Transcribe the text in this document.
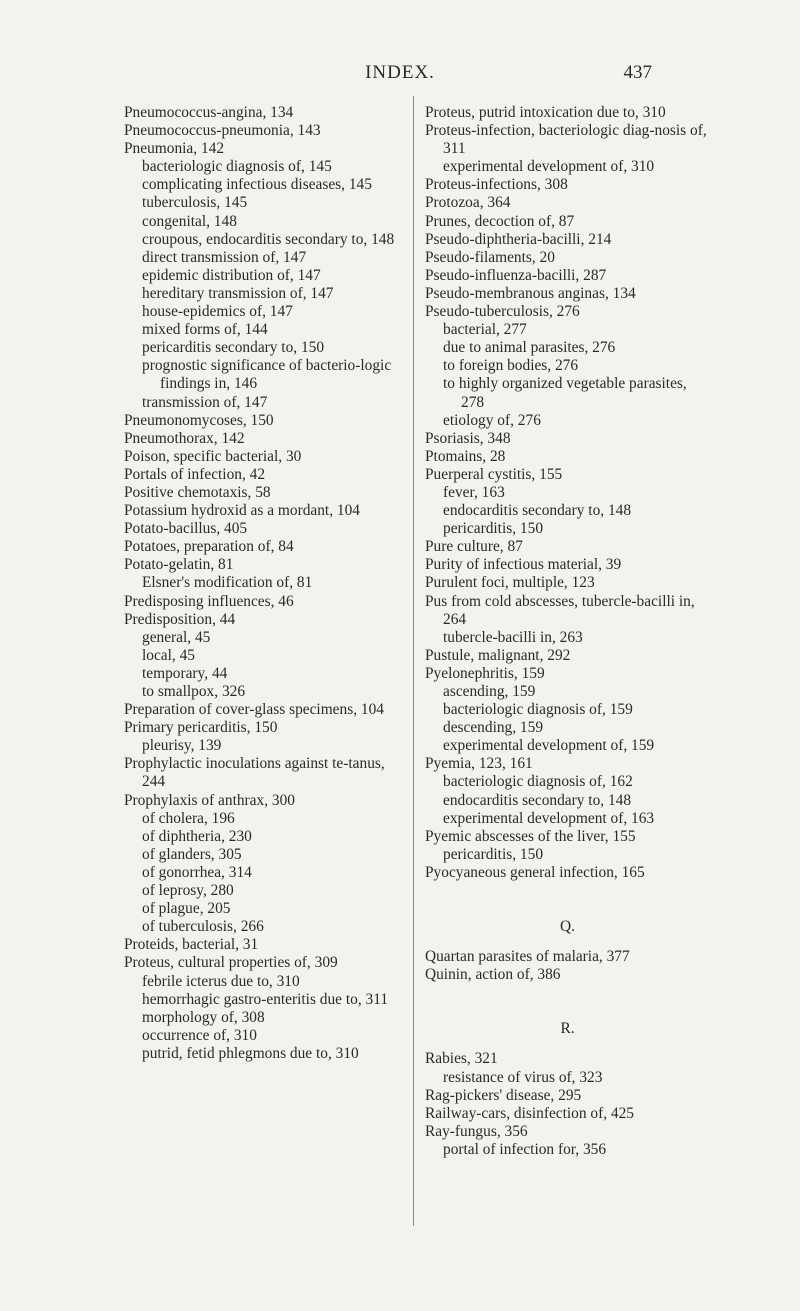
INDEX.	437

Pneumococcus-angina, 134

Pneumococcus-pneumonia, 143

Pneumonia, 142

bacteriologic diagnosis of, 145

complicating infectious diseases, 145

tuberculosis, 145

congenital, 148

croupous, endocarditis secondary to, 148

direct transmission of, 147

epidemic distribution of, 147

hereditary transmission of, 147

house-epidemics of, 147

mixed forms of, 144

pericarditis secondary to, 150

prognostic significance of bacterio-logic findings in, 146

transmission of, 147

Pneumonomycoses, 150

Pneumothorax, 142

Poison, specific bacterial, 30

Portals of infection, 42

Positive chemotaxis, 58

Potassium hydroxid as a mordant, 104

Potato-bacillus, 405

Potatoes, preparation of, 84

Potato-gelatin, 81

Elsner's modification of, 81

Predisposing influences, 46

Predisposition, 44

general, 45

local, 45

temporary, 44

to smallpox, 326

Preparation of cover-glass specimens, 104

Primary pericarditis, 150

pleurisy, 139

Prophylactic inoculations against te-tanus, 244

Prophylaxis of anthrax, 300

of cholera, 196

of diphtheria, 230

of glanders, 305

of gonorrhea, 314

of leprosy, 280

of plague, 205

of tuberculosis, 266

Proteids, bacterial, 31

Proteus, cultural properties of, 309

febrile icterus due to, 310

hemorrhagic gastro-enteritis due to, 311

morphology of, 308

occurrence of, 310

putrid, fetid phlegmons due to, 310

Proteus, putrid intoxication due to, 310

Proteus-infection, bacteriologic diag-nosis of, 311

experimental development of, 310

Proteus-infections, 308

Protozoa, 364

Prunes, decoction of, 87

Pseudo-diphtheria-bacilli, 214

Pseudo-filaments, 20

Pseudo-influenza-bacilli, 287

Pseudo-membranous anginas, 134

Pseudo-tuberculosis, 276

bacterial, 277

due to animal parasites, 276

to foreign bodies, 276

to highly organized vegetable parasites, 278

etiology of, 276

Psoriasis, 348

Ptomains, 28

Puerperal cystitis, 155

fever, 163

endocarditis secondary to, 148

pericarditis, 150

Pure culture, 87

Purity of infectious material, 39

Purulent foci, multiple, 123

Pus from cold abscesses, tubercle-bacilli in, 264

tubercle-bacilli in, 263

Pustule, malignant, 292

Pyelonephritis, 159

ascending, 159

bacteriologic diagnosis of, 159

descending, 159

experimental development of, 159

Pyemia, 123, 161

bacteriologic diagnosis of, 162

endocarditis secondary to, 148

experimental development of, 163

Pyemic abscesses of the liver, 155

pericarditis, 150

Pyocyaneous general infection, 165

Q.

Quartan parasites of malaria, 377

Quinin, action of, 386

R.

Rabies, 321

resistance of virus of, 323

Rag-pickers' disease, 295

Railway-cars, disinfection of, 425

Ray-fungus, 356

portal of infection for, 356
